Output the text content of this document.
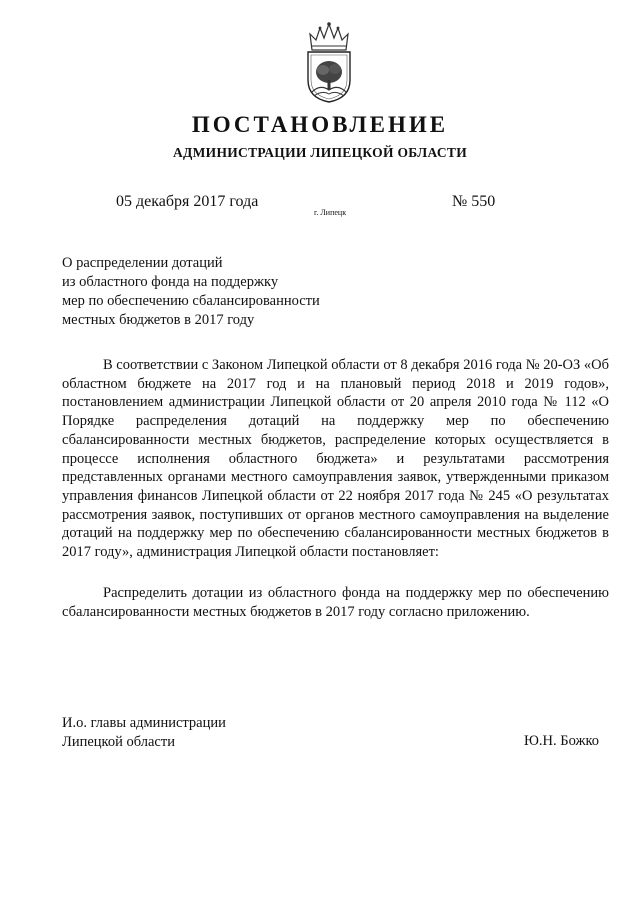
ПОСТАНОВЛЕНИЕ
АДМИНИСТРАЦИИ ЛИПЕЦКОЙ ОБЛАСТИ
05 декабря 2017 года
г. Липецк
№ 550
О распределении дотаций
из областного фонда на поддержку
мер по обеспечению сбалансированности
местных бюджетов в 2017 году

В соответствии с Законом Липецкой области от 8 декабря 2016 года № 20-ОЗ «Об областном бюджете на 2017 год и на плановый период 2018 и 2019 годов», постановлением администрации Липецкой области от 20 апреля 2010 года № 112 «О Порядке распределения дотаций на поддержку мер по обеспечению сбалансированности местных бюджетов, распределение которых осуществляется в процессе исполнения областного бюджета» и результатами рассмотрения представленных органами местного самоуправления заявок, утвержденными приказом управления финансов Липецкой области от 22 ноября 2017 года № 245 «О результатах рассмотрения заявок, поступивших от органов местного самоуправления на выделение дотаций на поддержку мер по обеспечению сбалансированности местных бюджетов в 2017 году», администрация Липецкой области постановляет:

Распределить дотации из областного фонда на поддержку мер по обеспечению сбалансированности местных бюджетов в 2017 году согласно приложению.

И.о. главы администрации
Липецкой области	Ю.Н. Божко
